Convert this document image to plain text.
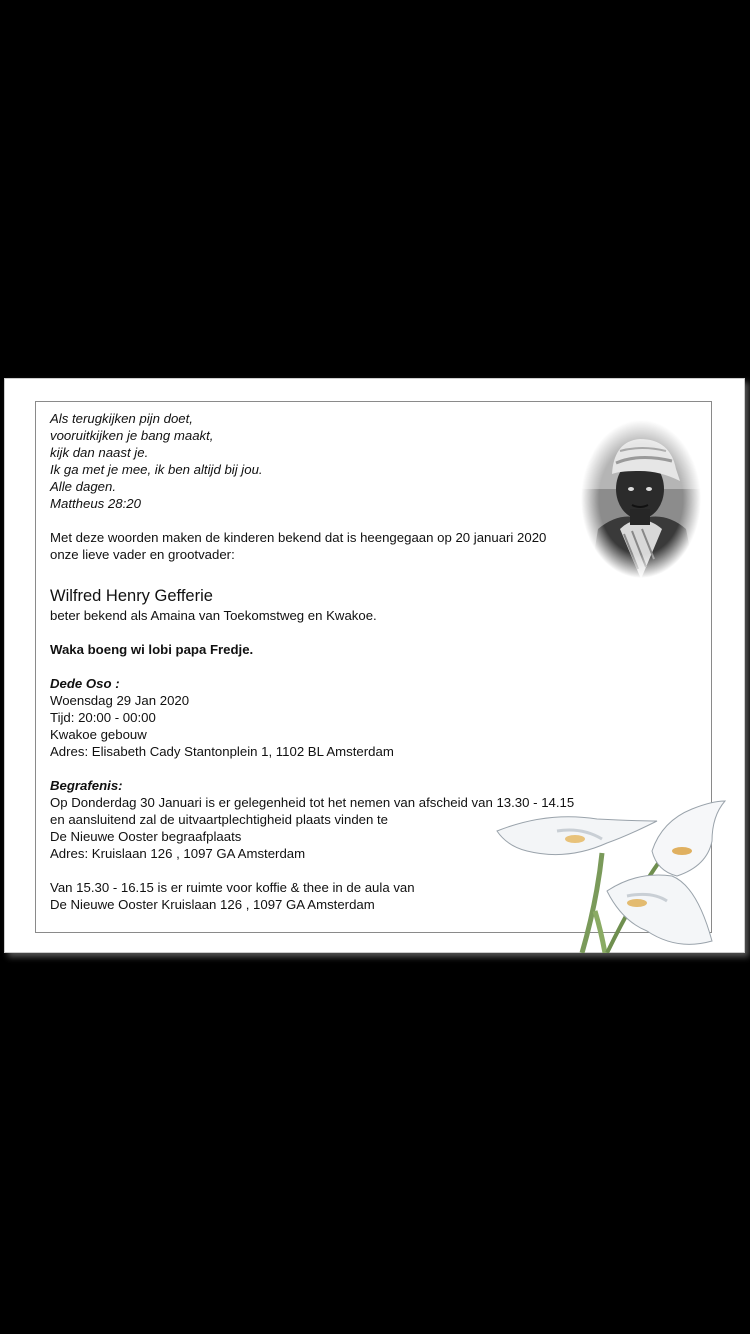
Als terugkijken pijn doet,

vooruitkijken je bang maakt,

kijk dan naast je.

Ik ga met je mee, ik ben altijd bij jou.

Alle dagen.

Mattheus 28:20

Met deze woorden maken de kinderen bekend dat is heengegaan op 20 januari 2020

onze lieve vader en grootvader:

Wilfred Henry Gefferie

beter bekend als Amaina van Toekomstweg en Kwakoe.

Waka boeng wi lobi papa Fredje.

Dede Oso :

Woensdag 29 Jan 2020

Tijd: 20:00 - 00:00

Kwakoe gebouw

Adres: Elisabeth Cady Stantonplein 1, 1102 BL Amsterdam

Begrafenis:

Op Donderdag 30 Januari is er gelegenheid tot het nemen van afscheid van 13.30 - 14.15

en aansluitend zal de uitvaartplechtigheid plaats vinden te

De Nieuwe Ooster begraafplaats

Adres: Kruislaan 126 , 1097 GA Amsterdam

Van 15.30 - 16.15 is er ruimte voor koffie & thee in de aula van

De Nieuwe Ooster Kruislaan 126 , 1097 GA Amsterdam
